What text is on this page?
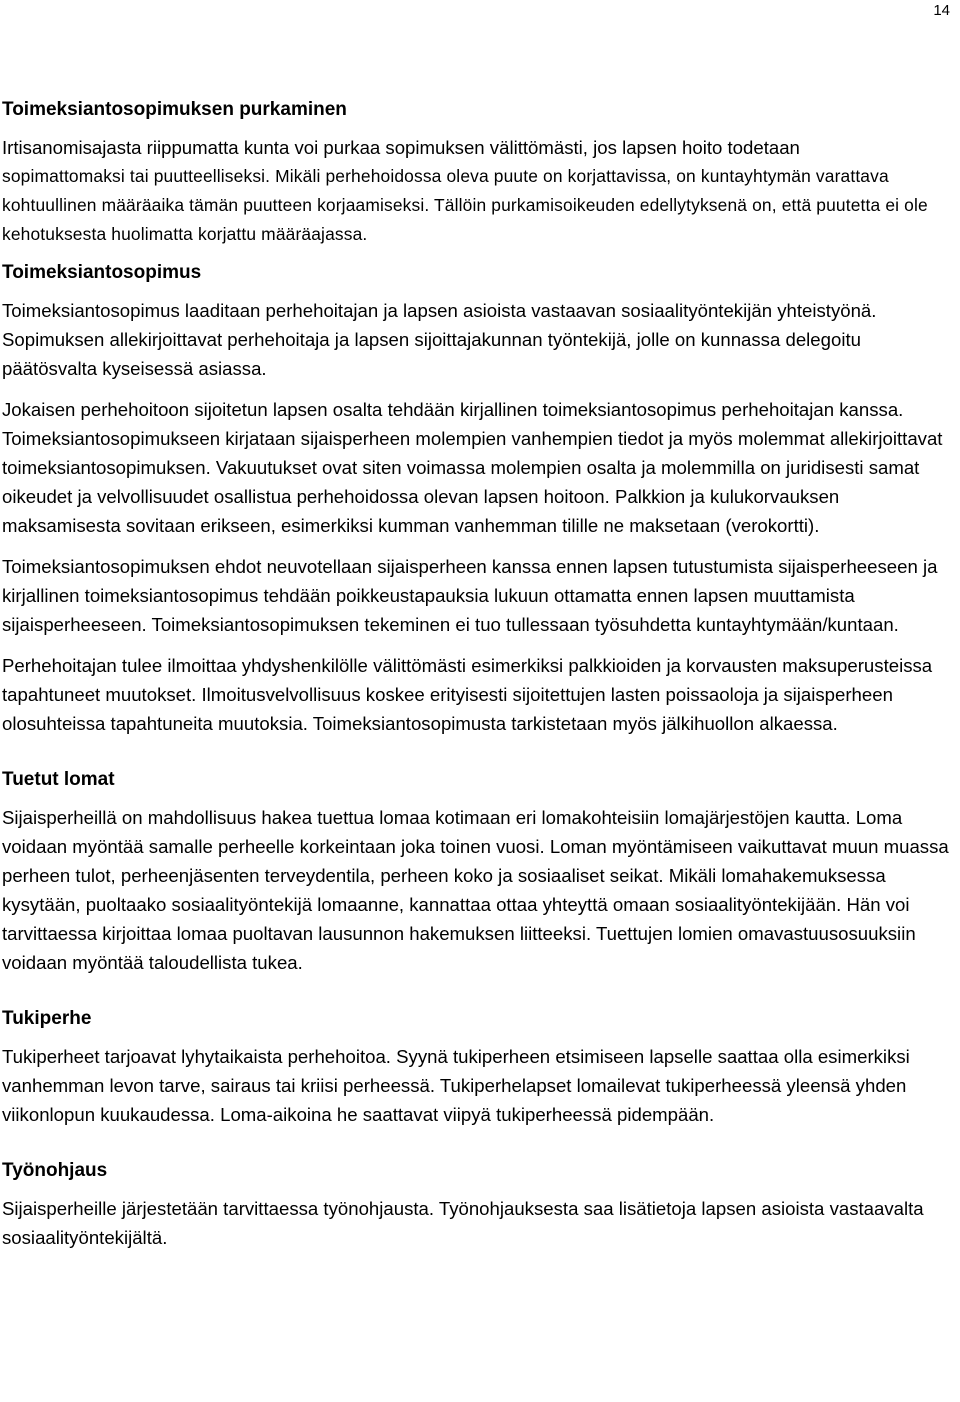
14
Toimeksiantosopimuksen purkaminen

Irtisanomisajasta riippumatta kunta voi purkaa sopimuksen välittömästi, jos lapsen hoito todetaan

sopimattomaksi tai puutteelliseksi. Mikäli perhehoidossa oleva puute on korjattavissa, on kuntayhtymän varattava kohtuullinen määräaika tämän puutteen korjaamiseksi. Tällöin purkamisoikeuden edellytyksenä on, että puutetta ei ole kehotuksesta huolimatta korjattu määräajassa.

Toimeksiantosopimus

Toimeksiantosopimus laaditaan perhehoitajan ja lapsen asioista vastaavan sosiaalityöntekijän yhteistyönä. Sopimuksen allekirjoittavat perhehoitaja ja lapsen sijoittajakunnan työntekijä, jolle on kunnassa delegoitu päätösvalta kyseisessä asiassa.

Jokaisen perhehoitoon sijoitetun lapsen osalta tehdään kirjallinen toimeksiantosopimus perhehoitajan kanssa. Toimeksiantosopimukseen kirjataan sijaisperheen molempien vanhempien tiedot ja myös molemmat allekirjoittavat toimeksiantosopimuksen. Vakuutukset ovat siten voimassa molempien osalta ja molemmilla on juridisesti samat oikeudet ja velvollisuudet osallistua perhehoidossa olevan lapsen hoitoon. Palkkion ja kulukorvauksen maksamisesta sovitaan erikseen, esimerkiksi kumman vanhemman tilille ne maksetaan (verokortti).

Toimeksiantosopimuksen ehdot neuvotellaan sijaisperheen kanssa ennen lapsen tutustumista sijaisperheeseen ja kirjallinen toimeksiantosopimus tehdään poikkeustapauksia lukuun ottamatta ennen lapsen muuttamista sijaisperheeseen. Toimeksiantosopimuksen tekeminen ei tuo tullessaan työsuhdetta kuntayhtymään/kuntaan.

Perhehoitajan tulee ilmoittaa yhdyshenkilölle välittömästi esimerkiksi palkkioiden ja korvausten maksuperusteissa tapahtuneet muutokset. Ilmoitusvelvollisuus koskee erityisesti sijoitettujen lasten poissaoloja ja sijaisperheen olosuhteissa tapahtuneita muutoksia. Toimeksiantosopimusta tarkistetaan myös jälkihuollon alkaessa.

Tuetut lomat

Sijaisperheillä on mahdollisuus hakea tuettua lomaa kotimaan eri lomakohteisiin lomajärjestöjen kautta. Loma voidaan myöntää samalle perheelle korkeintaan joka toinen vuosi. Loman myöntämiseen vaikuttavat muun muassa perheen tulot, perheenjäsenten terveydentila, perheen koko ja sosiaaliset seikat. Mikäli lomahakemuksessa kysytään, puoltaako sosiaalityöntekijä lomaanne, kannattaa ottaa yhteyttä omaan sosiaalityöntekijään. Hän voi tarvittaessa kirjoittaa lomaa puoltavan lausunnon hakemuksen liitteeksi. Tuettujen lomien omavastuusosuuksiin voidaan myöntää taloudellista tukea.

Tukiperhe

Tukiperheet tarjoavat lyhytaikaista perhehoitoa. Syynä tukiperheen etsimiseen lapselle saattaa olla esimerkiksi vanhemman levon tarve, sairaus tai kriisi perheessä. Tukiperhelapset lomailevat tukiperheessä yleensä yhden viikonlopun kuukaudessa. Loma-aikoina he saattavat viipyä tukiperheessä pidempään.

Työnohjaus

Sijaisperheille järjestetään tarvittaessa työnohjausta. Työnohjauksesta saa lisätietoja lapsen asioista vastaavalta sosiaalityöntekijältä.
